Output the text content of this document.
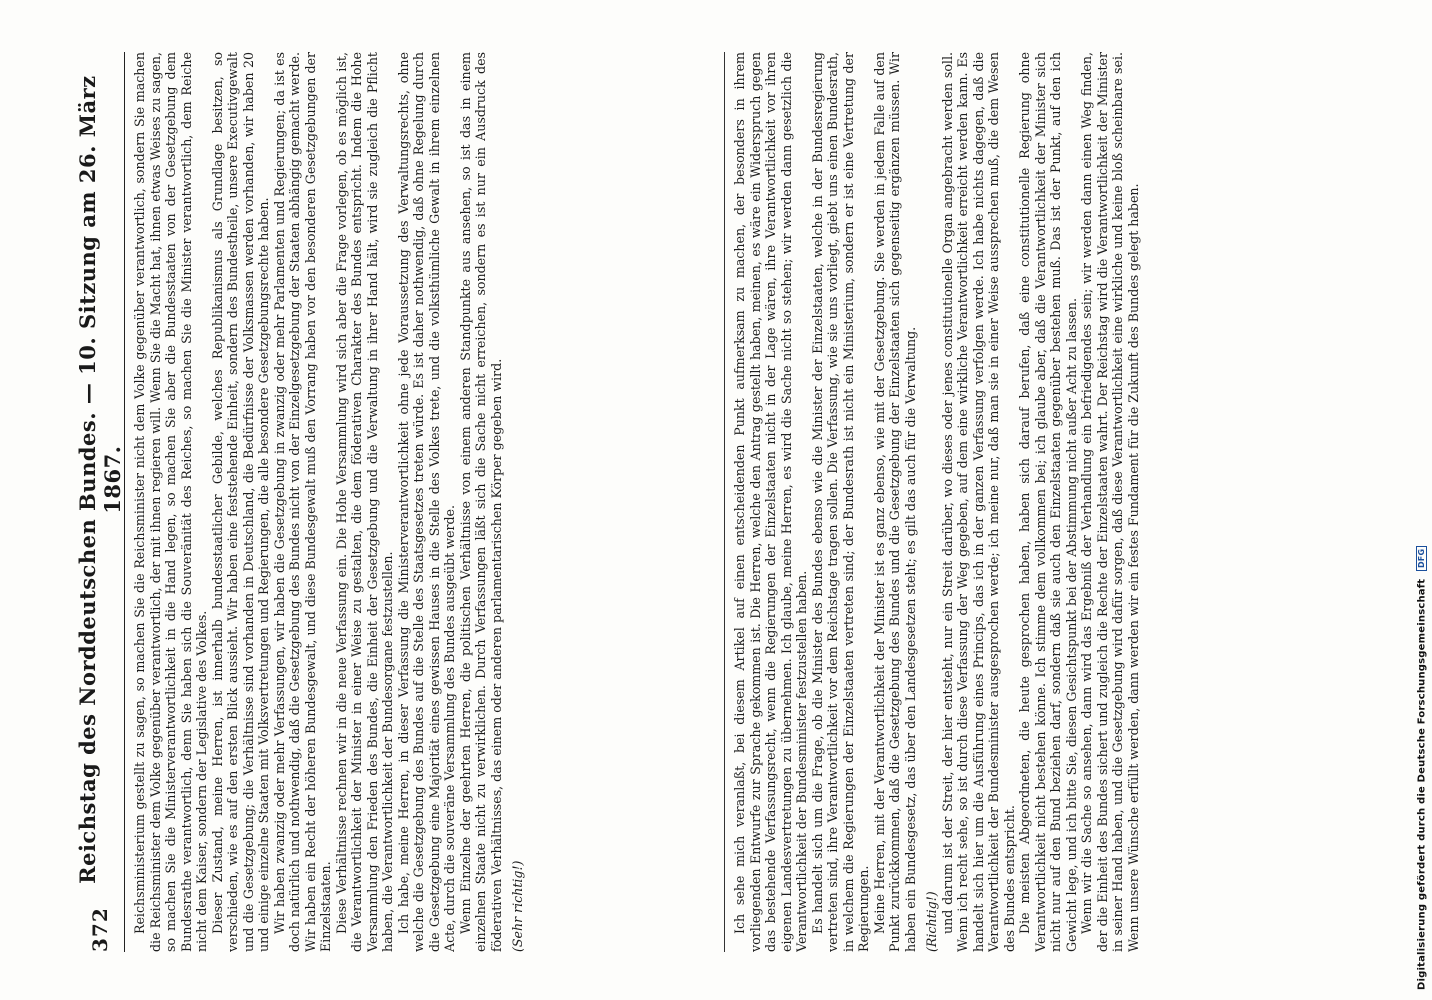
372
Reichstag des Norddeutschen Bundes. — 10. Sitzung am 26. März 1867. Reichsministerium gestellt zu sagen, so machen Sie die Reichsminister nicht dem Volke gegenüber verantwortlich, sondern Sie machen die Reichsminister dem Volke gegenüber verantwortlich, der mit ihnen regieren will. Wenn Sie die Macht hat, ihnen etwas Weises zu sagen, so machen Sie die Ministerverantwortlichkeit in die Hand legen, so machen Sie aber die Bundesstaaten von der Gesetzgebung dem Bundesrathe verantwortlich, denn Sie haben sich die Souveränität des Reiches, so machen Sie die Minister verantwortlich, dem Reiche nicht dem Kaiser, sondern der Legislative des Volkes. Dieser Zustand, meine Herren, ist innerhalb bundesstaatlicher Gebilde, welches Republikanismus als Grundlage besitzen, so verschieden, wie es auf den ersten Blick aussieht. Wir haben eine feststehende Einheit, sondern des Bundestheile, unsere Executivgewalt und die Gesetzgebung; die Verhältnisse sind vorhanden in Deutschland, die Bedürfnisse der Volksmassen werden vorhanden, wir haben 20 und einige einzelne Staaten mit Volksvertretungen und Regierungen, die alle besondere Gesetzgebungsrechte haben. Wir haben zwanzig oder mehr Verfassungen, wir haben die Gesetzgebung in zwanzig oder mehr Parlamenten und Regierungen; da ist es doch natürlich und nothwendig, daß die Gesetzgebung des Bundes nicht von der Einzelgesetzgebung der Staaten abhängig gemacht werde. Wir haben ein Recht der höheren Bundesgewalt, und diese Bundesgewalt muß den Vorrang haben vor den besonderen Gesetzgebungen der Einzelstaaten. Diese Verhältnisse rechnen wir in die neue Verfassung ein. Die Hohe Versammlung wird sich aber die Frage vorlegen, ob es möglich ist, die Verantwortlichkeit der Minister in einer Weise zu gestalten, die dem föderativen Charakter des Bundes entspricht. Indem die Hohe Versammlung den Frieden des Bundes, die Einheit der Gesetzgebung und die Verwaltung in ihrer Hand hält, wird sie zugleich die Pflicht haben, die Verantwortlichkeit der Bundesorgane festzustellen. Ich habe, meine Herren, in dieser Verfassung die Ministerverantwortlichkeit ohne jede Voraussetzung des Verwaltungsrechts, ohne welche die Gesetzgebung des Bundes auf die Stelle des Staatsgesetzes treten würde. Es ist daher nothwendig, daß ohne Regelung durch die Gesetzgebung eine Majorität eines gewissen Hauses in die Stelle des Volkes trete, und die volksthümliche Gewalt in ihrem einzelnen Acte, durch die souveräne Versammlung des Bundes ausgeübt werde. Wenn Einzelne der geehrten Herren, die politischen Verhältnisse von einem anderen Standpunkte aus ansehen, so ist das in einem einzelnen Staate nicht zu verwirklichen. Durch Verfassungen läßt sich die Sache nicht erreichen, sondern es ist nur ein Ausdruck des föderativen Verhältnisses, das einem oder anderen parlamentarischen Körper gegeben wird. (Sehr richtig!)	Ich sehe mich veranlaßt, bei diesem Artikel auf einen entscheidenden Punkt aufmerksam zu machen, der besonders in ihrem vorliegenden Entwurfe zur Sprache gekommen ist. Die Herren, welche den Antrag gestellt haben, meinen, es wäre ein Widerspruch gegen das bestehende Verfassungsrecht, wenn die Regierungen der Einzelstaaten nicht in der Lage wären, ihre Verantwortlichkeit vor ihren eigenen Landesvertretungen zu übernehmen. Ich glaube, meine Herren, es wird die Sache nicht so stehen; wir werden dann gesetzlich die Verantwortlichkeit der Bundesminister festzustellen haben. Es handelt sich um die Frage, ob die Minister des Bundes ebenso wie die Minister der Einzelstaaten, welche in der Bundesregierung vertreten sind, ihre Verantwortlichkeit vor dem Reichstage tragen sollen. Die Verfassung, wie sie uns vorliegt, giebt uns einen Bundesrath, in welchem die Regierungen der Einzelstaaten vertreten sind; der Bundesrath ist nicht ein Ministerium, sondern er ist eine Vertretung der Regierungen. Meine Herren, mit der Verantwortlichkeit der Minister ist es ganz ebenso, wie mit der Gesetzgebung. Sie werden in jedem Falle auf den Punkt zurückkommen, daß die Gesetzgebung des Bundes und die Gesetzgebung der Einzelstaaten sich gegenseitig ergänzen müssen. Wir haben ein Bundesgesetz, das über den Landesgesetzen steht; es gilt das auch für die Verwaltung. (Richtig!) und darum ist der Streit, der hier entsteht, nur ein Streit darüber, wo dieses oder jenes constitutionelle Organ angebracht werden soll. Wenn ich recht sehe, so ist durch diese Verfassung der Weg gegeben, auf dem eine wirkliche Verantwortlichkeit erreicht werden kann. Es handelt sich hier um die Ausführung eines Princips, das ich in der ganzen Verfassung verfolgen werde. Ich habe nichts dagegen, daß die Verantwortlichkeit der Bundesminister ausgesprochen werde; ich meine nur, daß man sie in einer Weise aussprechen muß, die dem Wesen des Bundes entspricht. Die meisten Abgeordneten, die heute gesprochen haben, haben sich darauf berufen, daß eine constitutionelle Regierung ohne Verantwortlichkeit nicht bestehen könne. Ich stimme dem vollkommen bei; ich glaube aber, daß die Verantwortlichkeit der Minister sich nicht nur auf den Bund beziehen darf, sondern daß sie auch den Einzelstaaten gegenüber bestehen muß. Das ist der Punkt, auf den ich Gewicht lege, und ich bitte Sie, diesen Gesichtspunkt bei der Abstimmung nicht außer Acht zu lassen. Wenn wir die Sache so ansehen, dann wird das Ergebniß der Verhandlung ein befriedigendes sein; wir werden dann einen Weg finden, der die Einheit des Bundes sichert und zugleich die Rechte der Einzelstaaten wahrt. Der Reichstag wird die Verantwortlichkeit der Minister in seiner Hand haben, und die Gesetzgebung wird dafür sorgen, daß diese Verantwortlichkeit eine wirkliche und keine bloß scheinbare sei. Wenn unsere Wünsche erfüllt werden, dann werden wir ein festes Fundament für die Zukunft des Bundes gelegt haben.	Digitalisierung gefördert durch die Deutsche Forschungsgemeinschaft DFG
